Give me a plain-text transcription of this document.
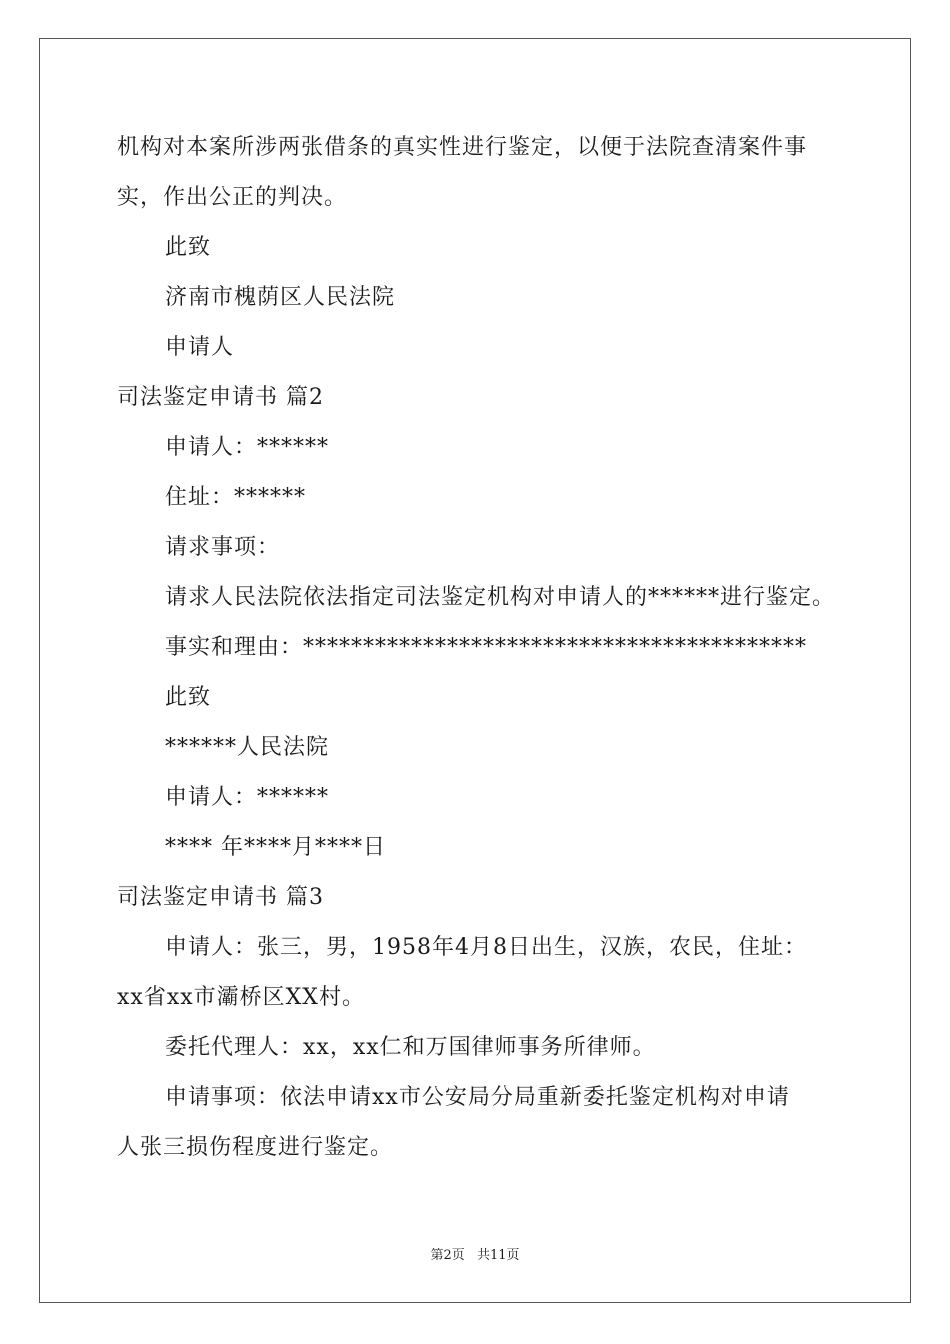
机构对本案所涉两张借条的真实性进行鉴定，以便于法院查清案件事
实，作出公正的判决。
此致
济南市槐荫区人民法院
申请人
司法鉴定申请书 篇2
申请人：******
住址：******
请求事项：
请求人民法院依法指定司法鉴定机构对申请人的******进行鉴定。
事实和理由：******************************************
此致
******人民法院
申请人：******
**** 年****月****日
司法鉴定申请书 篇3
申请人：张三，男，1958年4月8日出生，汉族，农民，住址：
xx省xx市灞桥区XX村。
委托代理人：xx，xx仁和万国律师事务所律师。
申请事项：依法申请xx市公安局分局重新委托鉴定机构对申请
人张三损伤程度进行鉴定。
第2页 共11页
